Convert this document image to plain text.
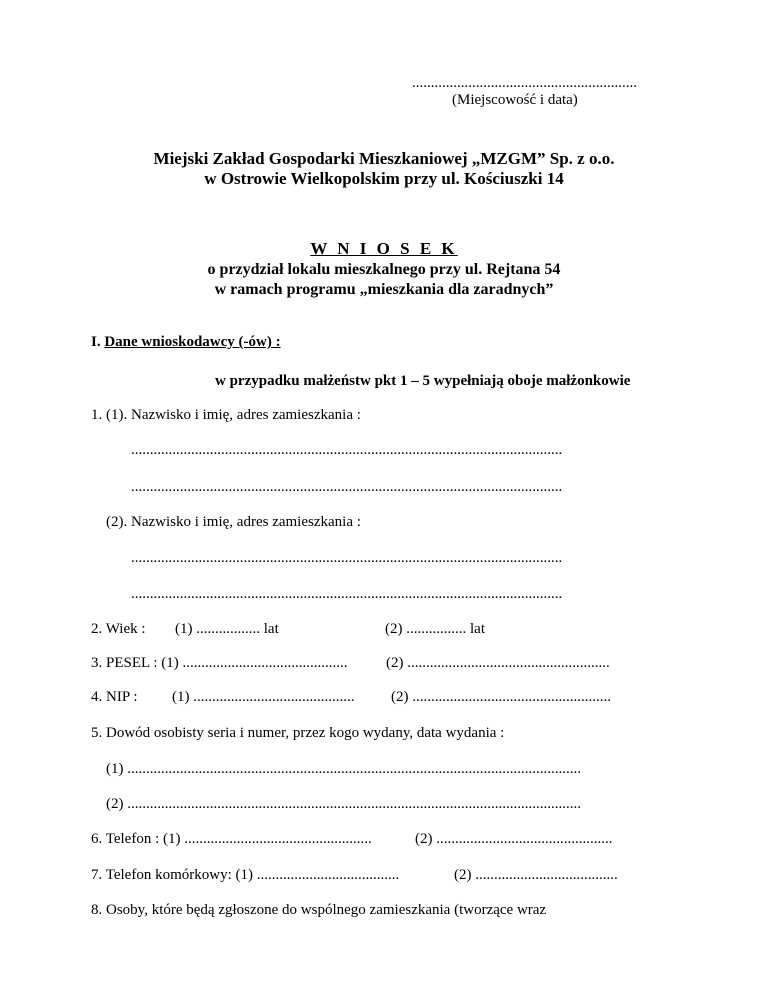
............................................................
(Miejscowość i data)
Miejski Zakład Gospodarki Mieszkaniowej „MZGM” Sp. z o.o.
w Ostrowie Wielkopolskim przy ul. Kościuszki 14
W N I O S E K
o przydział lokalu mieszkalnego przy ul. Rejtana 54
w ramach programu „mieszkania dla zaradnych”
I. Dane wnioskodawcy (-ów) :
w przypadku małżeństw pkt 1 – 5 wypełniają oboje małżonkowie
1. (1). Nazwisko i imię, adres zamieszkania :
...................................................................................................................
...................................................................................................................
(2). Nazwisko i imię, adres zamieszkania :
...................................................................................................................
...................................................................................................................
2. Wiek : (1) ................. lat	(2) ................ lat
3. PESEL : (1) ............................................	(2) ......................................................
4. NIP : (1) ........................................... (2) .....................................................
5. Dowód osobisty seria i numer, przez kogo wydany, data wydania :
(1) .........................................................................................................................
(2) .........................................................................................................................
6. Telefon : (1) ..................................................	(2) ...............................................
7. Telefon komórkowy: (1) ......................................	(2) ......................................
8. Osoby, które będą zgłoszone do wspólnego zamieszkania (tworzące wraz
